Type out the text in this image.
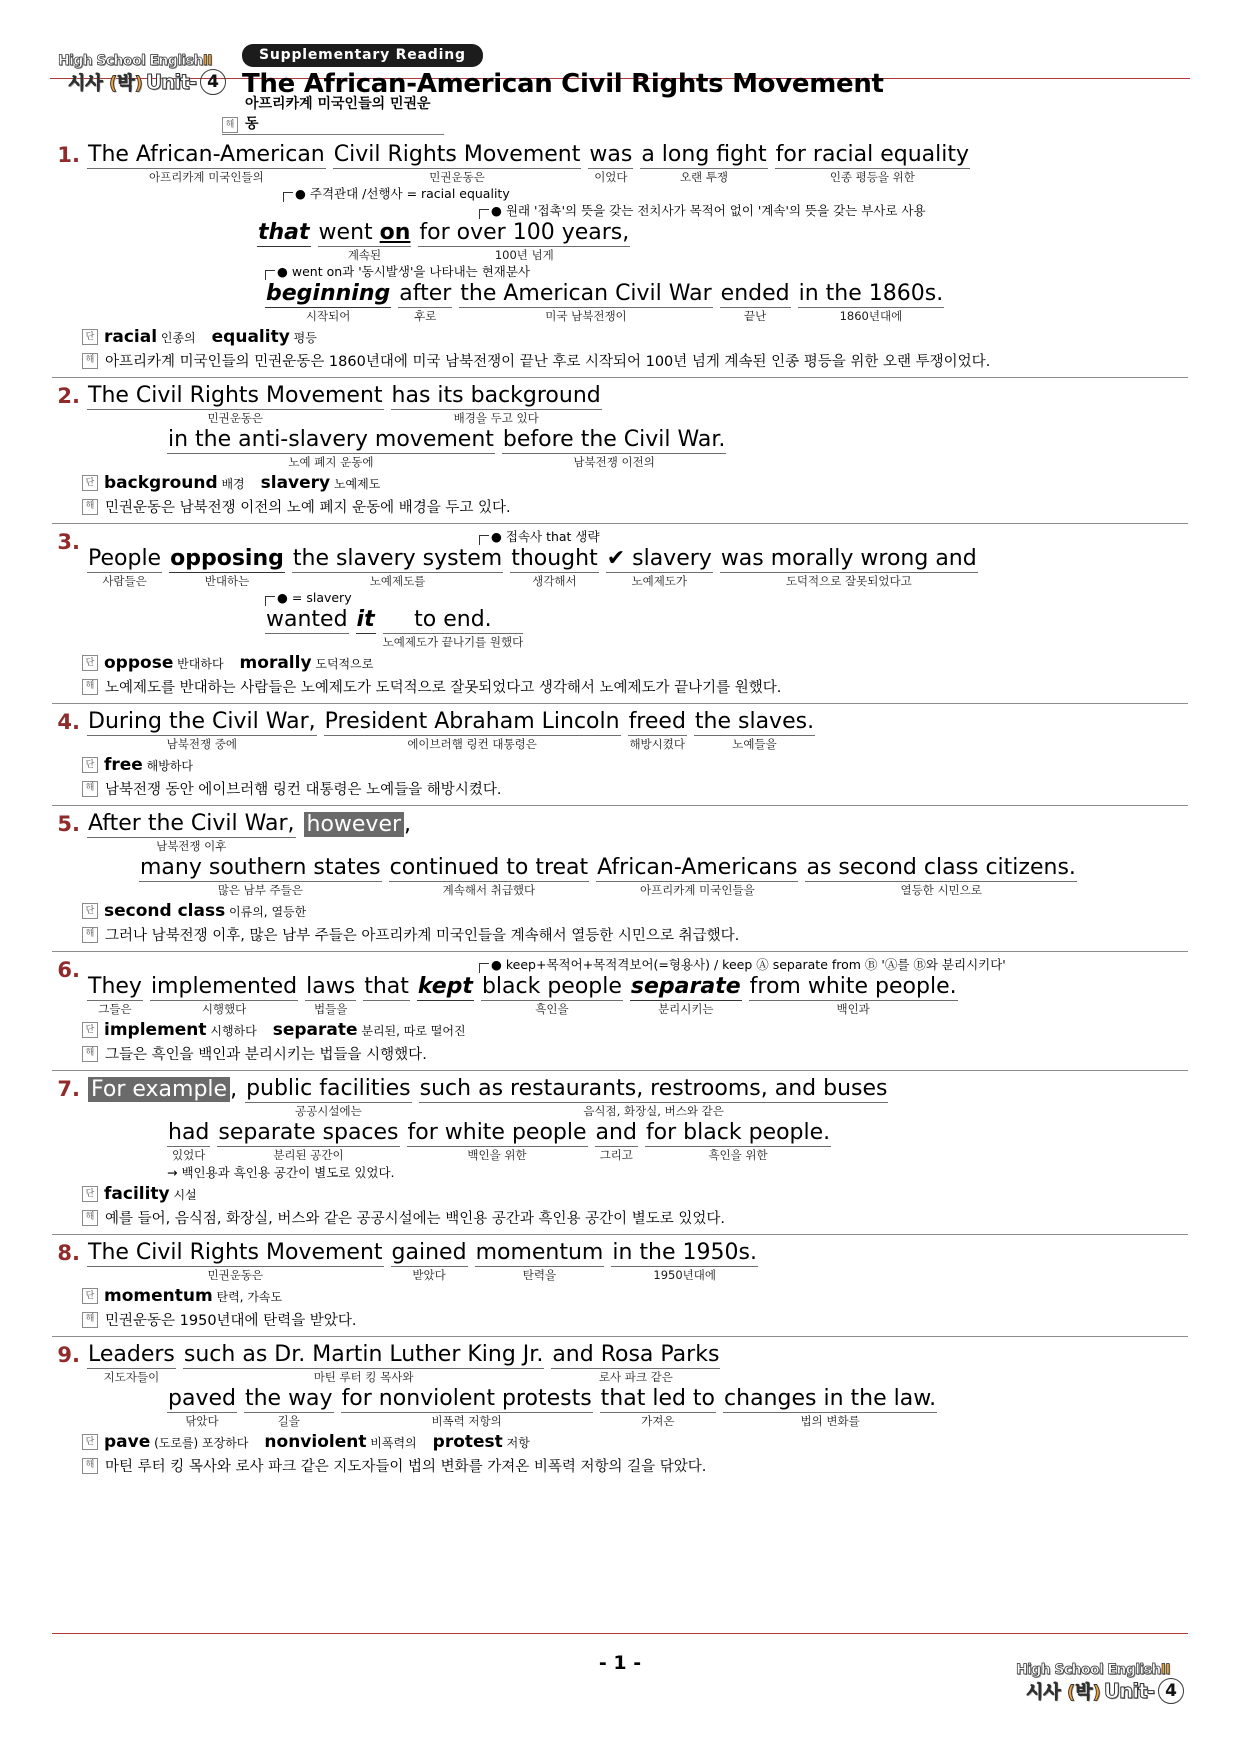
High School EnglishII
시사 (박) Unit- 4
Supplementary Reading
The African-American Civil Rights Movement
해
아프리카계 미국인들의 민권운동
1. The African-American
아프리카계 미국인들의
Civil Rights Movement
민권운동은
was
이었다
a long fight
오랜 투쟁
for racial equality
인종 평등을 위한
● 주격관대 /선행사 = racial equality
● 원래 '접촉'의 뜻을 갖는 전치사가 목적어 없이 '계속'의 뜻을 갖는 부사로 사용
that went on
계속된
for over 100 years,
100년 넘게
● went on과 '동시발생'을 나타내는 현재분사
beginning
시작되어
after
후로
the American Civil War
미국 남북전쟁이
ended
끝난
in the 1860s.
1860년대에
단 racial 인종의 equality 평등
해 아프리카계 미국인들의 민권운동은 1860년대에 미국 남북전쟁이 끝난 후로 시작되어 100년 넘게 계속된 인종 평등을 위한 오랜 투쟁이었다.
2. The Civil Rights Movement
민권운동은
has its background
배경을 두고 있다
in the anti-slavery movement
노예 폐지 운동에
before the Civil War.
남북전쟁 이전의
단 background 배경 slavery 노예제도
해 민권운동은 남북전쟁 이전의 노예 폐지 운동에 배경을 두고 있다.
3.	● 접속사 that 생략
People
사람들은
opposing
반대하는
the slavery system
노예제도를
thought
생각해서
✔ slavery
노예제도가
was morally wrong and
도덕적으로 잘못되었다고
● = slavery
wanted it	to end.
노예제도가 끝나기를 원했다
단 oppose 반대하다 morally 도덕적으로
해 노예제도를 반대하는 사람들은 노예제도가 도덕적으로 잘못되었다고 생각해서 노예제도가 끝나기를 원했다.
4. During the Civil War,
남북전쟁 중에
President Abraham Lincoln
에이브러햄 링컨 대통령은
freed
해방시켰다
the slaves.
노예들을
단 free 해방하다
해 남북전쟁 동안 에이브러햄 링컨 대통령은 노예들을 해방시켰다.
5. After the Civil War,
남북전쟁 이후
however ,
many southern states
많은 남부 주들은
continued to treat
계속해서 취급했다
African-Americans
아프리카계 미국인들을
as second class citizens.
열등한 시민으로
단 second class 이류의, 열등한
해 그러나 남북전쟁 이후, 많은 남부 주들은 아프리카계 미국인들을 계속해서 열등한 시민으로 취급했다.
6.	● keep+목적어+목적격보어(=형용사) / keep Ⓐ separate from Ⓑ 'Ⓐ를 Ⓑ와 분리시키다'
They
그들은
implemented
시행했다
laws
법들을
that kept black people
흑인을
separate
분리시키는
from white people.
백인과
단 implement 시행하다 separate 분리된, 따로 떨어진
해 그들은 흑인을 백인과 분리시키는 법들을 시행했다.
7. For example , public facilities
공공시설에는
such as restaurants, restrooms, and buses
음식점, 화장실, 버스와 같은
had
있었다
separate spaces
분리된 공간이
for white people
백인을 위한
and
그리고
for black people.
흑인을 위한
→ 백인용과 흑인용 공간이 별도로 있었다.
단 facility 시설
해 예를 들어, 음식점, 화장실, 버스와 같은 공공시설에는 백인용 공간과 흑인용 공간이 별도로 있었다.
8. The Civil Rights Movement
민권운동은
gained
받았다
momentum
탄력을
in the 1950s.
1950년대에
단 momentum 탄력, 가속도
해 민권운동은 1950년대에 탄력을 받았다.
9. Leaders
지도자들이
such as Dr. Martin Luther King Jr.
마틴 루터 킹 목사와
and Rosa Parks
로사 파크 같은
paved
닦았다
the way
길을
for nonviolent protests
비폭력 저항의
that led to
가져온
changes in the law.
법의 변화를
단 pave (도로를) 포장하다 nonviolent 비폭력의 protest 저항
해 마틴 루터 킹 목사와 로사 파크 같은 지도자들이 법의 변화를 가져온 비폭력 저항의 길을 닦았다.
- 1 -	High School EnglishII
시사 (박) Unit- 4
